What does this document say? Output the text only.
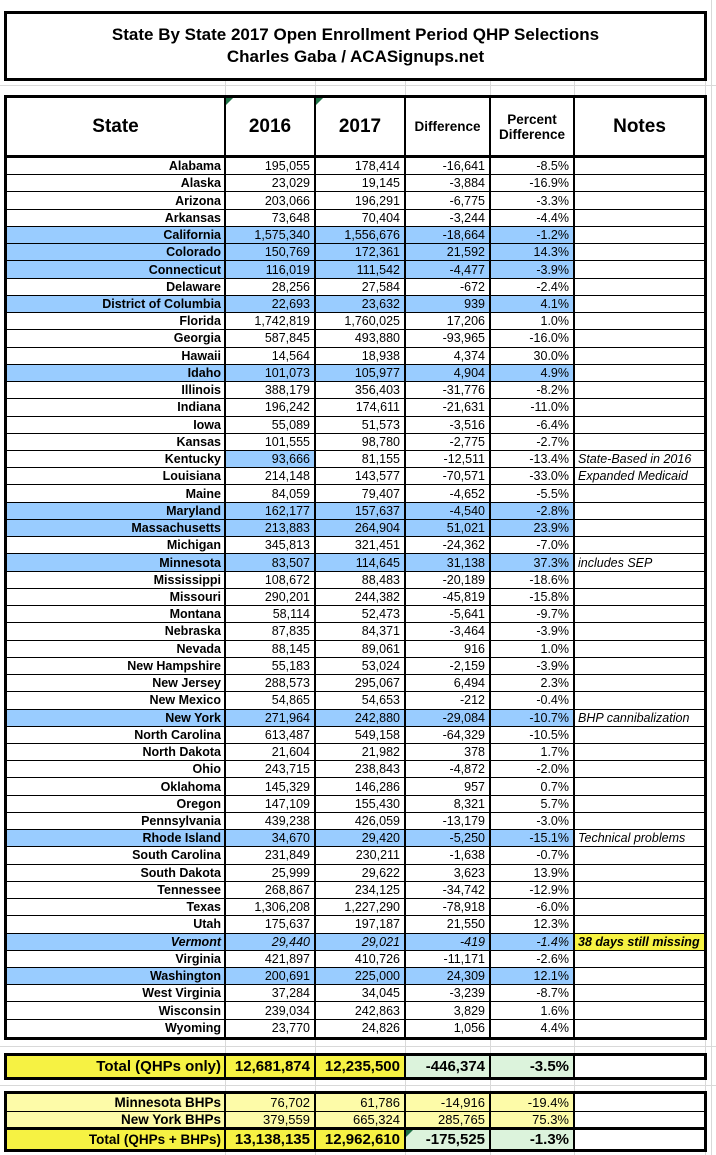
State By State 2017 Open Enrollment Period QHP Selections
Charles Gaba / ACASignups.net
State	2016	2017	Difference	Percent
Difference	Notes
Alabama	195,055	178,414	-16,641	-8.5%
Alaska	23,029	19,145	-3,884	-16.9%
Arizona	203,066	196,291	-6,775	-3.3%
Arkansas	73,648	70,404	-3,244	-4.4%
California	1,575,340	1,556,676	-18,664	-1.2%
Colorado	150,769	172,361	21,592	14.3%
Connecticut	116,019	111,542	-4,477	-3.9%
Delaware	28,256	27,584	-672	-2.4%
District of Columbia	22,693	23,632	939	4.1%
Florida	1,742,819	1,760,025	17,206	1.0%
Georgia	587,845	493,880	-93,965	-16.0%
Hawaii	14,564	18,938	4,374	30.0%
Idaho	101,073	105,977	4,904	4.9%
Illinois	388,179	356,403	-31,776	-8.2%
Indiana	196,242	174,611	-21,631	-11.0%
Iowa	55,089	51,573	-3,516	-6.4%
Kansas	101,555	98,780	-2,775	-2.7%
Kentucky	93,666	81,155	-12,511	-13.4% State-Based in 2016
Louisiana	214,148	143,577	-70,571	-33.0% Expanded Medicaid
Maine	84,059	79,407	-4,652	-5.5%
Maryland	162,177	157,637	-4,540	-2.8%
Massachusetts	213,883	264,904	51,021	23.9%
Michigan	345,813	321,451	-24,362	-7.0%
Minnesota	83,507	114,645	31,138	37.3% includes SEP
Mississippi	108,672	88,483	-20,189	-18.6%
Missouri	290,201	244,382	-45,819	-15.8%
Montana	58,114	52,473	-5,641	-9.7%
Nebraska	87,835	84,371	-3,464	-3.9%
Nevada	88,145	89,061	916	1.0%
New Hampshire	55,183	53,024	-2,159	-3.9%
New Jersey	288,573	295,067	6,494	2.3%
New Mexico	54,865	54,653	-212	-0.4%
New York	271,964	242,880	-29,084	-10.7% BHP cannibalization
North Carolina	613,487	549,158	-64,329	-10.5%
North Dakota	21,604	21,982	378	1.7%
Ohio	243,715	238,843	-4,872	-2.0%
Oklahoma	145,329	146,286	957	0.7%
Oregon	147,109	155,430	8,321	5.7%
Pennsylvania	439,238	426,059	-13,179	-3.0%
Rhode Island	34,670	29,420	-5,250	-15.1% Technical problems
South Carolina	231,849	230,211	-1,638	-0.7%
South Dakota	25,999	29,622	3,623	13.9%
Tennessee	268,867	234,125	-34,742	-12.9%
Texas	1,306,208	1,227,290	-78,918	-6.0%
Utah	175,637	197,187	21,550	12.3%
Vermont	29,440	29,021	-419	-1.4% 38 days still missing
Virginia	421,897	410,726	-11,171	-2.6%
Washington	200,691	225,000	24,309	12.1%
West Virginia	37,284	34,045	-3,239	-8.7%
Wisconsin	239,034	242,863	3,829	1.6%
Wyoming	23,770	24,826	1,056	4.4%
Total (QHPs only) 12,681,874 12,235,500	-446,374	-3.5%
Minnesota BHPs	76,702	61,786	-14,916	-19.4%
New York BHPs	379,559	665,324	285,765	75.3%
Total (QHPs + BHPs) 13,138,135 12,962,610	-175,525	-1.3%
